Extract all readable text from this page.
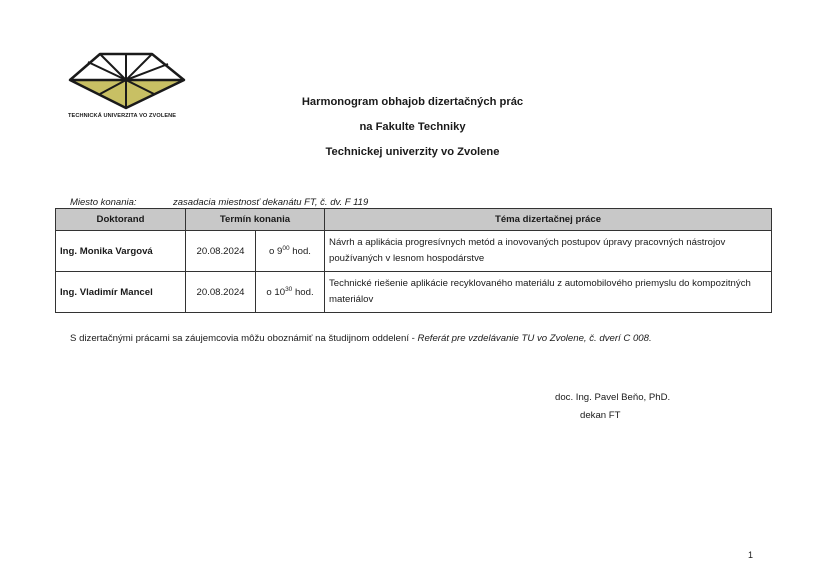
TECHNICKÁ UNIVERZITA VO ZVOLENE
Harmonogram obhajob dizertačných prác
na Fakulte Techniky
Technickej univerzity vo Zvolene
Miesto konania:	zasadacia miestnosť dekanátu FT, č. dv. F 119
Doktorand	Termín konania		Téma dizertačnej práce
Ing. Monika Vargová	20.08.2024	o $9^{00}$ hod.	Návrh a aplikácia progresívnych metód a inovovaných postupov úpravy pracovných nástrojov používaných v lesnom hospodárstve
Ing. Vladimír Mancel	20.08.2024	o $10^{30}$ hod.	Technické riešenie aplikácie recyklovaného materiálu z automobilového priemyslu do kompozitných materiálov
S dizertačnými prácami sa záujemcovia môžu oboznámiť na študijnom oddelení - Referát pre vzdelávanie TU vo Zvolene, č. dverí C 008.
doc. Ing. Pavel Beňo, PhD.
dekan FT
1
